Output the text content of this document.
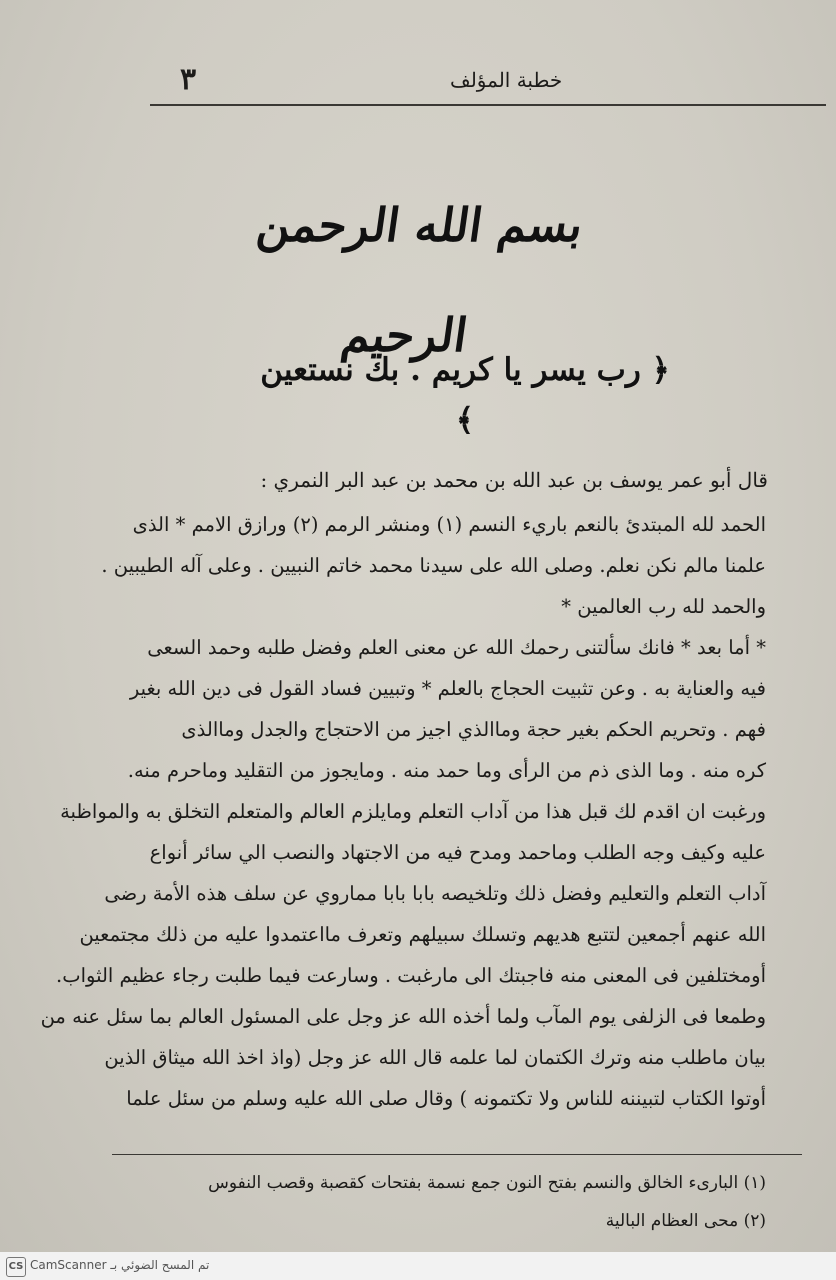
٣	خطبة المؤلف
بسم الله الرحمن الرحيم
﴿ رب يسر يا كريم . بك نستعين ﴾
قال أبو عمر يوسف بن عبد الله بن محمد بن عبد البر النمري :
الحمد لله المبتدئ بالنعم باريء النسم (١) ومنشر الرمم (٢) ورازق الامم * الذى
علمنا مالم نكن نعلم. وصلى الله على سيدنا محمد خاتم النبيين . وعلى آله الطيبين .
والحمد لله رب العالمين *
* أما بعد * فانك سألتنى رحمك الله عن معنى العلم وفضل طلبه وحمد السعى
فيه والعناية به . وعن تثبيت الحجاج بالعلم * وتبيين فساد القول فى دين الله بغير
فهم . وتحريم الحكم بغير حجة وماالذي اجيز من الاحتجاج والجدل وماالذى
كره منه . وما الذى ذم من الرأى وما حمد منه . ومايجوز من التقليد وماحرم منه.
ورغبت ان اقدم لك قبل هذا من آداب التعلم ومايلزم العالم والمتعلم التخلق به والمواظبة
عليه وكيف وجه الطلب وماحمد ومدح فيه من الاجتهاد والنصب الي سائر أنواع
آداب التعلم والتعليم وفضل ذلك وتلخيصه بابا بابا مماروي عن سلف هذه الأمة رضى
الله عنهم أجمعين لتتبع هديهم وتسلك سبيلهم وتعرف مااعتمدوا عليه من ذلك مجتمعين
أومختلفين فى المعنى منه فاجبتك الى مارغبت . وسارعت فيما طلبت رجاء عظيم الثواب.
وطمعا فى الزلفى يوم المآب ولما أخذه الله عز وجل على المسئول العالم بما سئل عنه من
بيان ماطلب منه وترك الكتمان لما علمه قال الله عز وجل (واذ اخذ الله ميثاق الذين
أوتوا الكتاب لتبيننه للناس ولا تكتمونه ) وقال صلى الله عليه وسلم من سئل علما
(١) البارىء الخالق والنسم بفتح النون جمع نسمة بفتحات كقصبة وقصب النفوس
(٢) محى العظام البالية
CS تم المسح الضوئي بـ CamScanner
